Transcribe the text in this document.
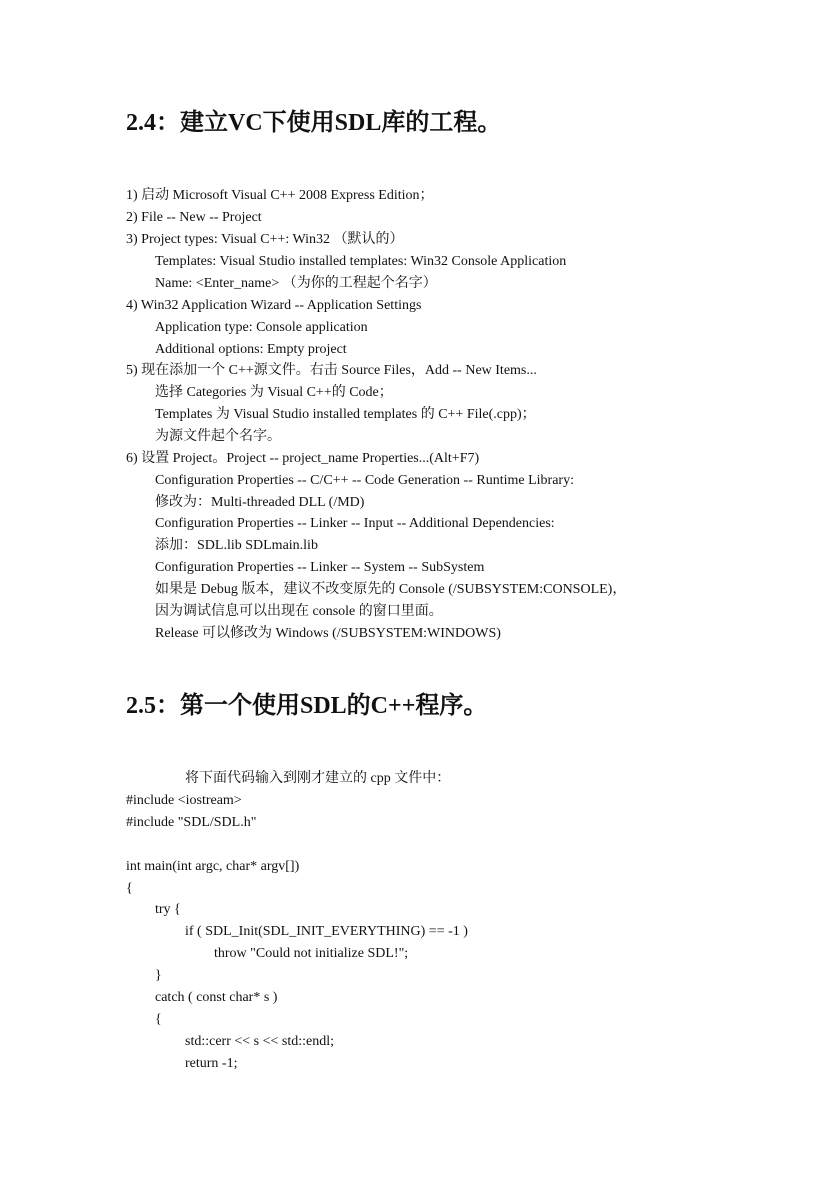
2.4：建立VC下使用SDL库的工程。

1) 启动 Microsoft Visual C++ 2008 Express Edition；

2) File -- New -- Project

3) Project types: Visual C++: Win32 （默认的）

Templates: Visual Studio installed templates: Win32 Console Application

Name: <Enter_name> （为你的工程起个名字）

4) Win32 Application Wizard -- Application Settings

Application type: Console application

Additional options: Empty project

5) 现在添加一个 C++源文件。右击 Source Files，Add -- New Items...

选择 Categories 为 Visual C++的 Code；

Templates 为 Visual Studio installed templates 的 C++ File(.cpp)；

为源文件起个名字。

6) 设置 Project。Project -- project_name Properties...(Alt+F7)

Configuration Properties -- C/C++ -- Code Generation -- Runtime Library:

修改为：Multi-threaded DLL (/MD)

Configuration Properties -- Linker -- Input -- Additional Dependencies:

添加：SDL.lib SDLmain.lib

Configuration Properties -- Linker -- System -- SubSystem

如果是 Debug 版本，建议不改变原先的 Console (/SUBSYSTEM:CONSOLE)，

因为调试信息可以出现在 console 的窗口里面。

Release 可以修改为 Windows (/SUBSYSTEM:WINDOWS)

2.5：第一个使用SDL的C++程序。

将下面代码输入到刚才建立的 cpp 文件中：

#include <iostream>

#include "SDL/SDL.h"

int main(int argc, char* argv[])

{

try {

if ( SDL_Init(SDL_INIT_EVERYTHING) == -1 )

throw "Could not initialize SDL!";

}

catch ( const char* s )

{

std::cerr << s << std::endl;

return -1;
